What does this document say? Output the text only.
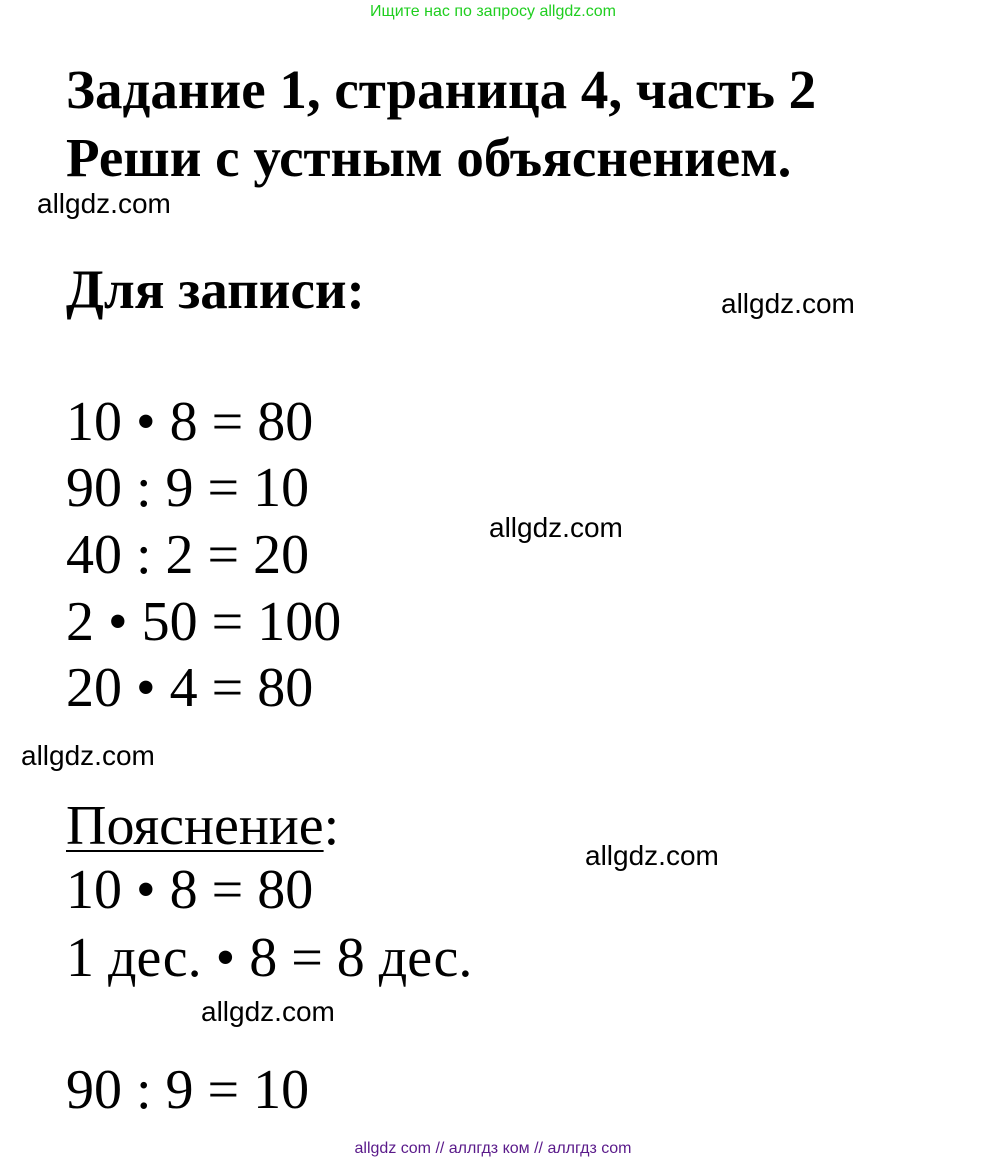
Ищите нас по запросу allgdz.com
Задание 1, страница 4, часть 2
Реши с устным объяснением.
allgdz.com
Для записи:	allgdz.com
10 • 8 = 80
90 : 9 = 10
40 : 2 = 20
2 • 50 = 100
20 • 4 = 80
allgdz.com
allgdz.com
Пояснение:	allgdz.com
10 • 8 = 80
1 дес. • 8 = 8 дес.
allgdz.com
90 : 9 = 10
allgdz com // аллгдз ком // аллгдз com
